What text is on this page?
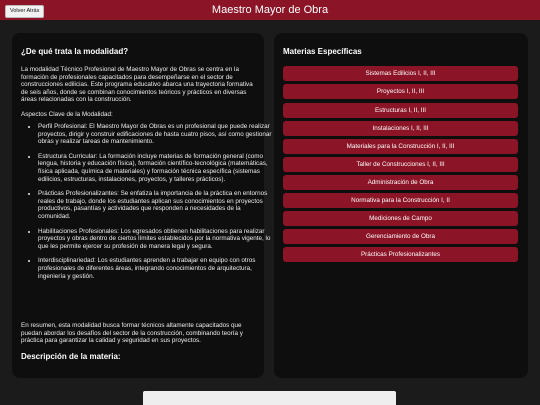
Maestro Mayor de Obra
Volver Atrás
¿De qué trata la modalidad?

La modalidad Técnico Profesional de Maestro Mayor de Obras se centra en la formación de profesionales capacitados para desempeñarse en el sector de construcciones edilicias. Este programa educativo abarca una trayectoria formativa de seis años, donde se combinan conocimientos teóricos y prácticos en diversas áreas relacionadas con la construcción.

Aspectos Clave de la Modalidad:

• Perfil Profesional: El Maestro Mayor de Obras es un profesional que puede realizar proyectos, dirigir y construir edificaciones de hasta cuatro pisos, así como gestionar obras y realizar tareas de mantenimiento.
• Estructura Curricular: La formación incluye materias de formación general (como lengua, historia y educación física), formación científico-tecnológica (matemáticas, física aplicada, química de materiales) y formación técnica específica (sistemas edilicios, estructuras, instalaciones, proyectos, y talleres prácticos).
• Prácticas Profesionalizantes: Se enfatiza la importancia de la práctica en entornos reales de trabajo, donde los estudiantes aplican sus conocimientos en proyectos productivos, pasantías y actividades que responden a necesidades de la comunidad.
• Habilitaciones Profesionales: Los egresados obtienen habilitaciones para realizar proyectos y obras dentro de ciertos límites establecidos por la normativa vigente, lo que les permite ejercer su profesión de manera legal y segura.
• Interdisciplinariedad: Los estudiantes aprenden a trabajar en equipo con otros profesionales de diferentes áreas, integrando conocimientos de arquitectura, ingeniería y gestión.

En resumen, esta modalidad busca formar técnicos altamente capacitados que puedan abordar los desafíos del sector de la construcción, combinando teoría y práctica para garantizar la calidad y seguridad en sus proyectos.

Descripción de la materia:
Materias Específicas
Sistemas Edilicios I, II, III
Proyectos I, II, III
Estructuras I, II, III
Instalaciones I, II, III
Materiales para la Construcción I, II, III
Taller de Construcciones I, II, III
Administración de Obra
Normativa para la Construcción I, II
Mediciones de Campo
Gerenciamiento de Obra
Prácticas Profesionalizantes
